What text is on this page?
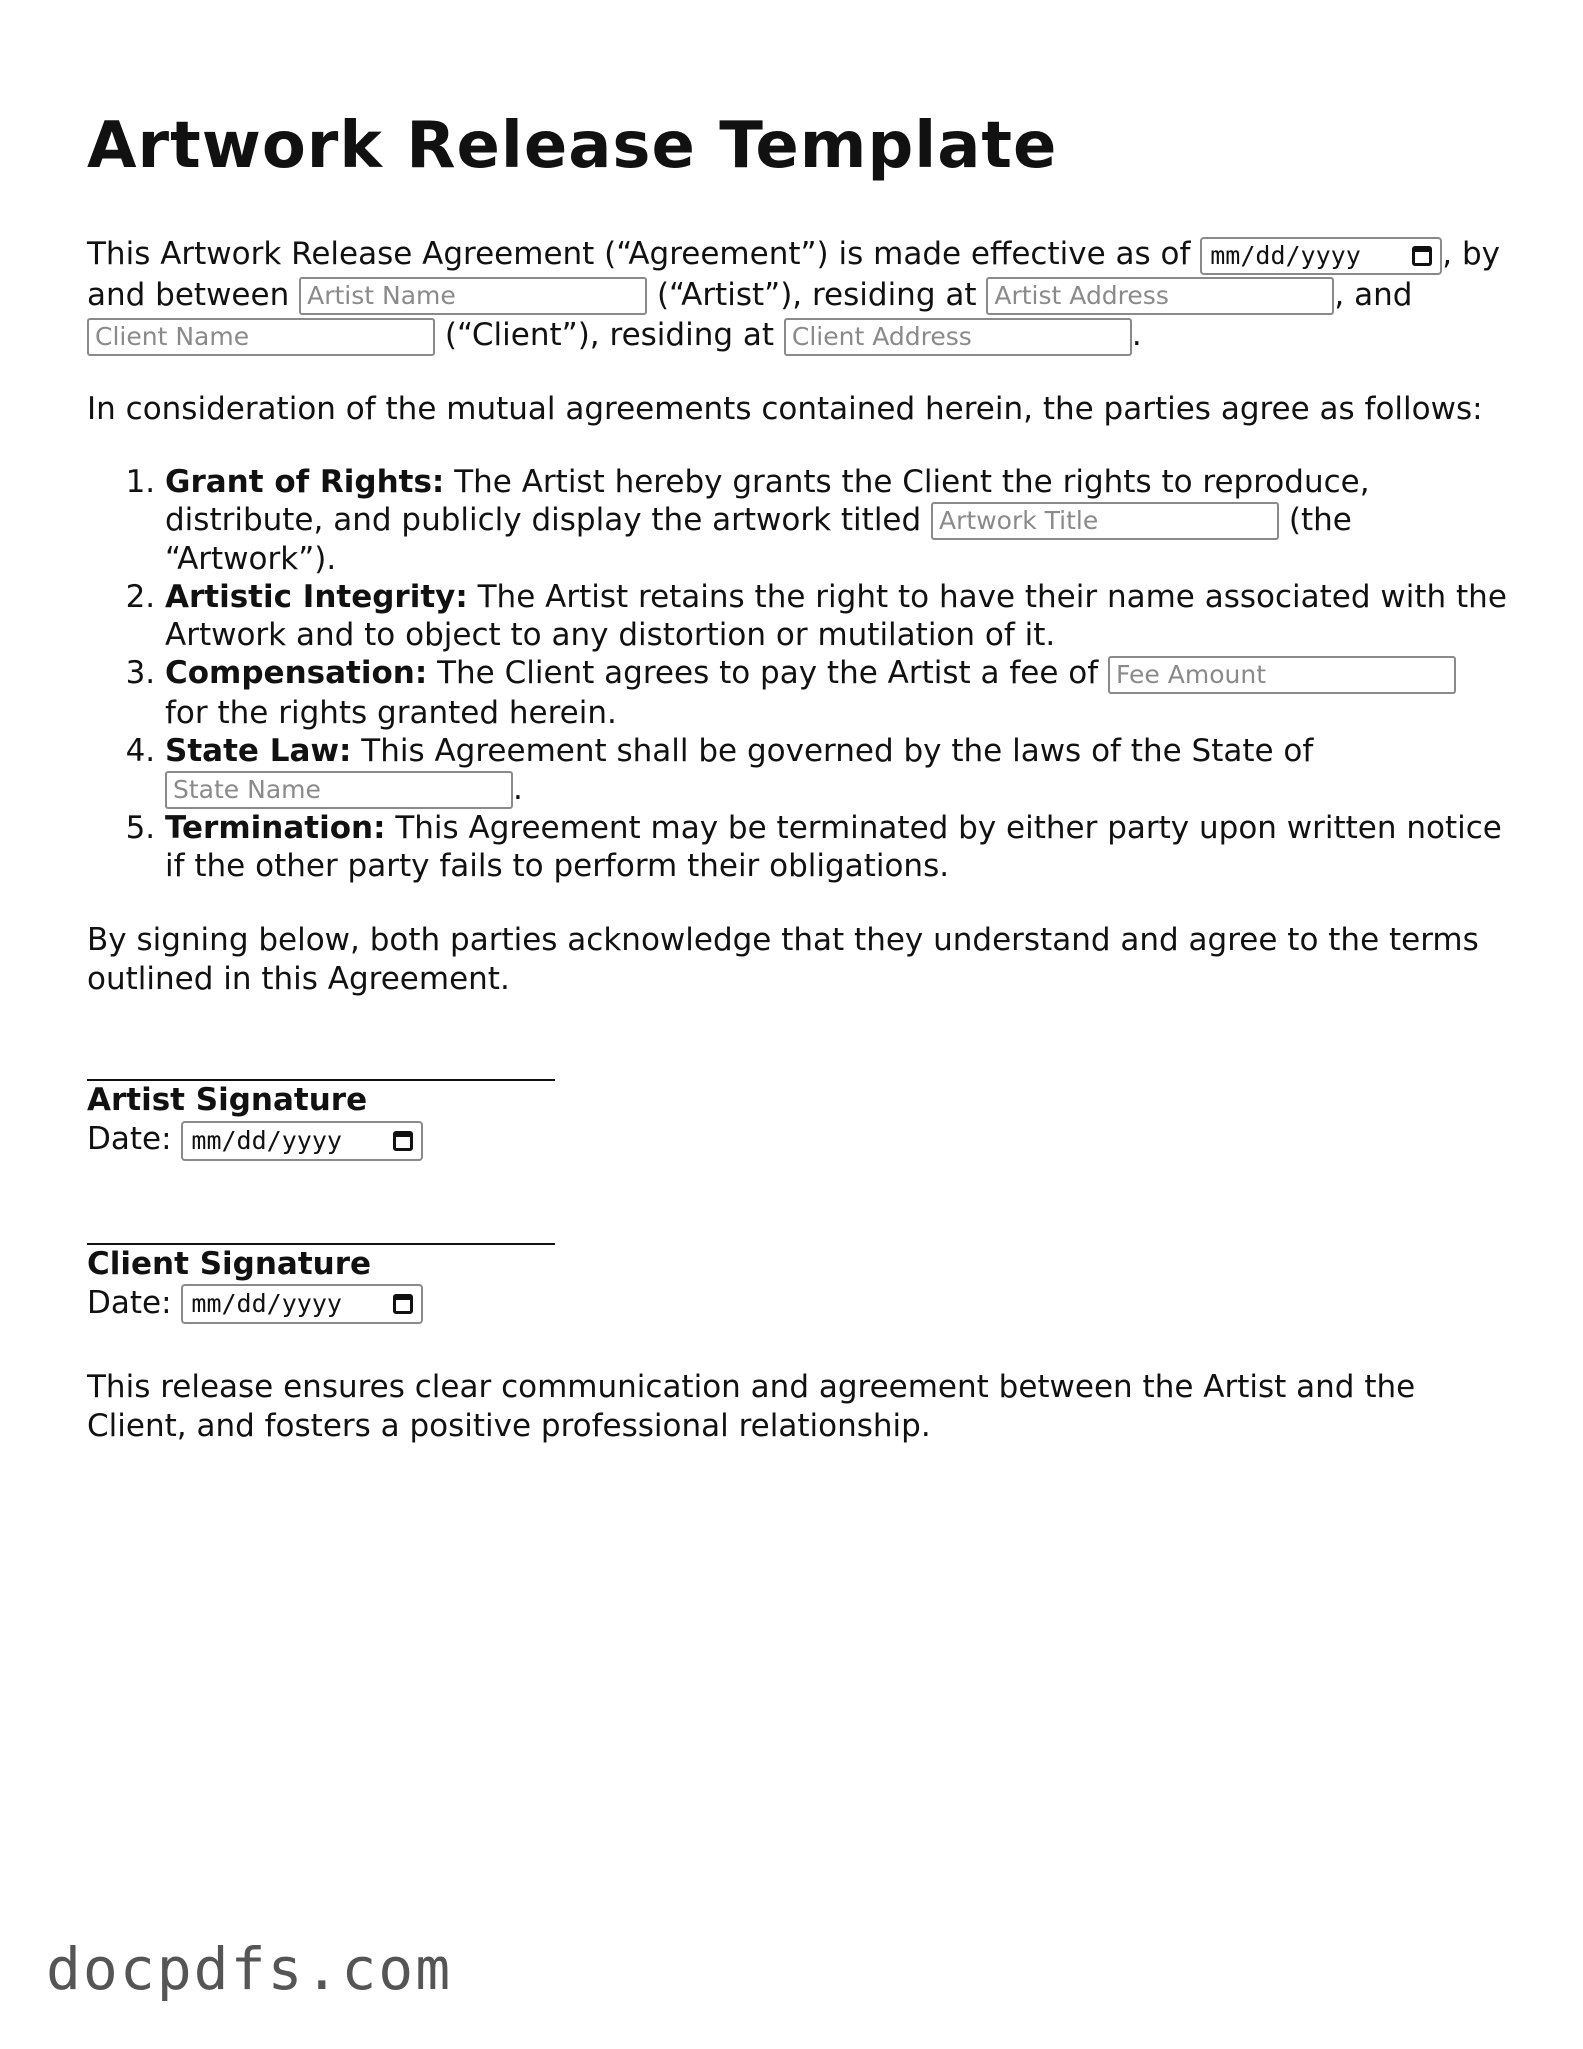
Artwork Release Template

This Artwork Release Agreement (“Agreement”) is made effective as of mm/dd/yyyy	, by and between Artist Name	(“Artist”), residing at Artist Address	, and Client Name	(“Client”), residing at Client Address	.

In consideration of the mutual agreements contained herein, the parties agree as follows:

1. Grant of Rights: The Artist hereby grants the Client the rights to reproduce, distribute, and publicly display the artwork titled Artwork Title	(the “Artwork”).
2. Artistic Integrity: The Artist retains the right to have their name associated with the Artwork and to object to any distortion or mutilation of it.
3. Compensation: The Client agrees to pay the Artist a fee of Fee Amount for the rights granted herein.
4. State Law: This Agreement shall be governed by the laws of the State of State Name	.
5. Termination: This Agreement may be terminated by either party upon written notice if the other party fails to perform their obligations.

By signing below, both parties acknowledge that they understand and agree to the terms outlined in this Agreement.

Artist Signature
Date: mm/dd/yyyy
Client Signature
Date: mm/dd/yyyy

This release ensures clear communication and agreement between the Artist and the Client, and fosters a positive professional relationship.

docpdfs.com
